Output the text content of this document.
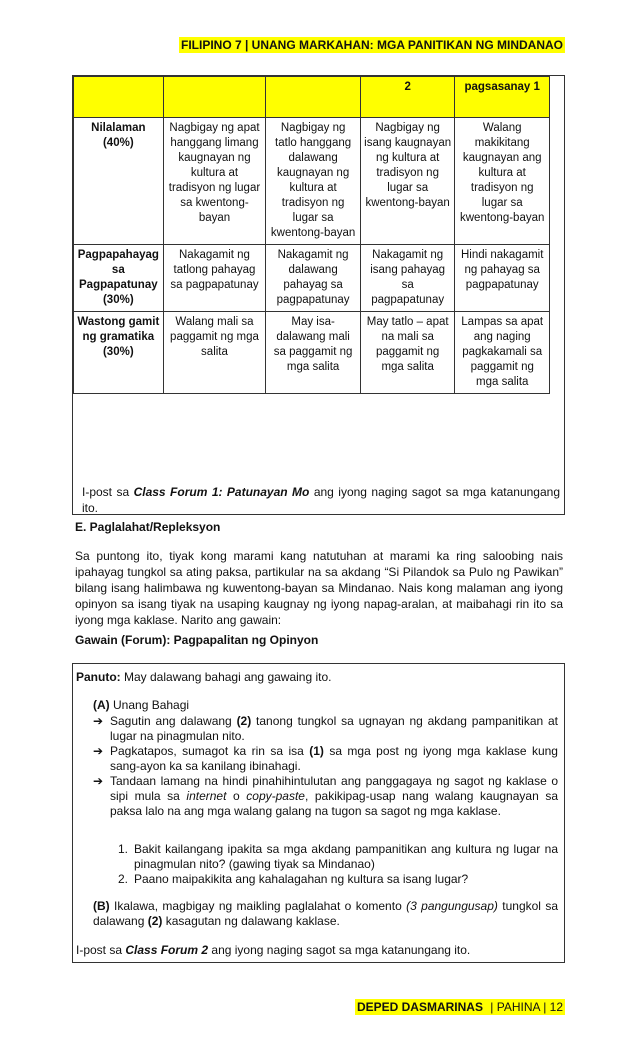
FILIPINO 7 | UNANG MARKAHAN: MGA PANITIKAN NG MINDANAO
			2	pagsasanay 1
Nilalaman (40%)	Nagbigay ng apat hanggang limang kaugnayan ng kultura at tradisyon ng lugar sa kwentong-bayan	Nagbigay ng tatlo hanggang dalawang kaugnayan ng kultura at tradisyon ng lugar sa kwentong-bayan	Nagbigay ng isang kaugnayan ng kultura at tradisyon ng lugar sa kwentong-bayan	Walang makikitang kaugnayan ang kultura at tradisyon ng lugar sa kwentong-bayan
Pagpapahayag sa Pagpapatunay (30%)	Nakagamit ng tatlong pahayag sa pagpapatunay	Nakagamit ng dalawang pahayag sa pagpapatunay	Nakagamit ng isang pahayag sa pagpapatunay	Hindi nakagamit ng pahayag sa pagpapatunay
Wastong gamit ng gramatika (30%)	Walang mali sa paggamit ng mga salita	May isa-dalawang mali sa paggamit ng mga salita	May tatlo – apat na mali sa paggamit ng mga salita	Lampas sa apat ang naging pagkakamali sa paggamit ng mga salita
I-post sa Class Forum 1: Patunayan Mo ang iyong naging sagot sa mga katanungang ito.
E. Paglalahat/Repleksyon
Sa puntong ito, tiyak kong marami kang natutuhan at marami ka ring saloobing nais ipahayag tungkol sa ating paksa, partikular na sa akdang “Si Pilandok sa Pulo ng Pawikan” bilang isang halimbawa ng kuwentong-bayan sa Mindanao. Nais kong malaman ang iyong opinyon sa isang tiyak na usaping kaugnay ng iyong napag-aralan, at maibahagi rin ito sa iyong mga kaklase. Narito ang gawain:
Gawain (Forum): Pagpapalitan ng Opinyon
Panuto: May dalawang bahagi ang gawaing ito.
(A) Unang Bahagi
➔ Sagutin ang dalawang (2) tanong tungkol sa ugnayan ng akdang pampanitikan at lugar na pinagmulan nito.
➔ Pagkatapos, sumagot ka rin sa isa (1) sa mga post ng iyong mga kaklase kung sang-ayon ka sa kanilang ibinahagi.
➔ Tandaan lamang na hindi pinahihintulutan ang panggagaya ng sagot ng kaklase o sipi mula sa internet o copy-paste, pakikipag-usap nang walang kaugnayan sa paksa lalo na ang mga walang galang na tugon sa sagot ng mga kaklase.
1. Bakit kailangang ipakita sa mga akdang pampanitikan ang kultura ng lugar na pinagmulan nito? (gawing tiyak sa Mindanao)
2. Paano maipakikita ang kahalagahan ng kultura sa isang lugar?
(B) Ikalawa, magbigay ng maikling paglalahat o komento (3 pangungusap) tungkol sa dalawang (2) kasagutan ng dalawang kaklase.
I-post sa Class Forum 2 ang iyong naging sagot sa mga katanungang ito.
DEPED DASMARINAS | PAHINA | 12
